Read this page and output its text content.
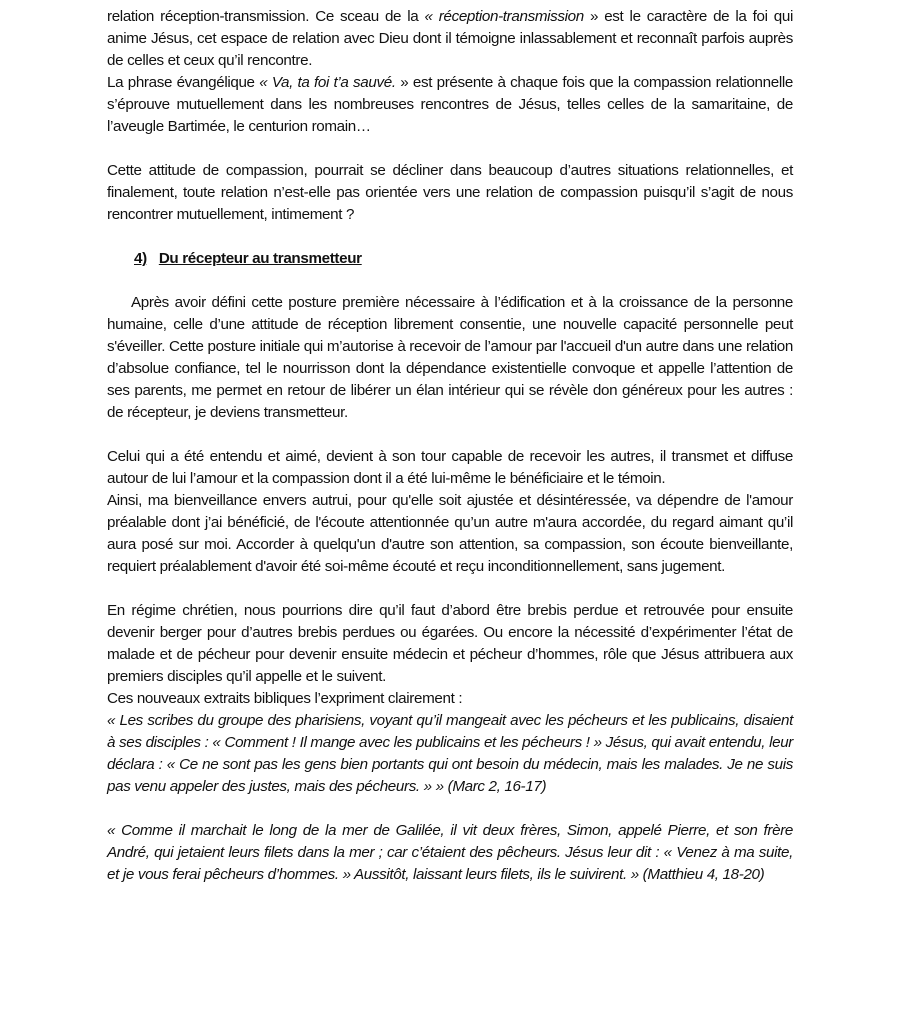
relation réception-transmission. Ce sceau de la « réception-transmission » est le caractère de la foi qui anime Jésus, cet espace de relation avec Dieu dont il témoigne inlassablement et reconnaît parfois auprès de celles et ceux qu’il rencontre.

La phrase évangélique « Va, ta foi t’a sauvé. » est présente à chaque fois que la compassion relationnelle s’éprouve mutuellement dans les nombreuses rencontres de Jésus, telles celles de la samaritaine, de l’aveugle Bartimée, le centurion romain…

Cette attitude de compassion, pourrait se décliner dans beaucoup d’autres situations relationnelles, et finalement, toute relation n’est-elle pas orientée vers une relation de compassion puisqu’il s’agit de nous rencontrer mutuellement, intimement ?

4) Du récepteur au transmetteur

Après avoir défini cette posture première nécessaire à l’édification et à la croissance de la personne humaine, celle d’une attitude de réception librement consentie, une nouvelle capacité personnelle peut s'éveiller. Cette posture initiale qui m’autorise à recevoir de l’amour par l'accueil d'un autre dans une relation d’absolue confiance, tel le nourrisson dont la dépendance existentielle convoque et appelle l’attention de ses parents, me permet en retour de libérer un élan intérieur qui se révèle don généreux pour les autres : de récepteur, je deviens transmetteur.

Celui qui a été entendu et aimé, devient à son tour capable de recevoir les autres, il transmet et diffuse autour de lui l’amour et la compassion dont il a été lui-même le bénéficiaire et le témoin.

Ainsi, ma bienveillance envers autrui, pour qu'elle soit ajustée et désintéressée, va dépendre de l'amour préalable dont j’ai bénéficié, de l'écoute attentionnée qu’un autre m'aura accordée, du regard aimant qu’il aura posé sur moi. Accorder à quelqu'un d'autre son attention, sa compassion, son écoute bienveillante, requiert préalablement d'avoir été soi-même écouté et reçu inconditionnellement, sans jugement.

En régime chrétien, nous pourrions dire qu’il faut d’abord être brebis perdue et retrouvée pour ensuite devenir berger pour d’autres brebis perdues ou égarées. Ou encore la nécessité d’expérimenter l’état de malade et de pécheur pour devenir ensuite médecin et pécheur d’hommes, rôle que Jésus attribuera aux premiers disciples qu’il appelle et le suivent.

Ces nouveaux extraits bibliques l’expriment clairement :

« Les scribes du groupe des pharisiens, voyant qu’il mangeait avec les pécheurs et les publicains, disaient à ses disciples : « Comment ! Il mange avec les publicains et les pécheurs ! » Jésus, qui avait entendu, leur déclara : « Ce ne sont pas les gens bien portants qui ont besoin du médecin, mais les malades. Je ne suis pas venu appeler des justes, mais des pécheurs. » » (Marc 2, 16-17)

« Comme il marchait le long de la mer de Galilée, il vit deux frères, Simon, appelé Pierre, et son frère André, qui jetaient leurs filets dans la mer ; car c’étaient des pêcheurs. Jésus leur dit : « Venez à ma suite, et je vous ferai pêcheurs d’hommes. » Aussitôt, laissant leurs filets, ils le suivirent. » (Matthieu 4, 18-20)
